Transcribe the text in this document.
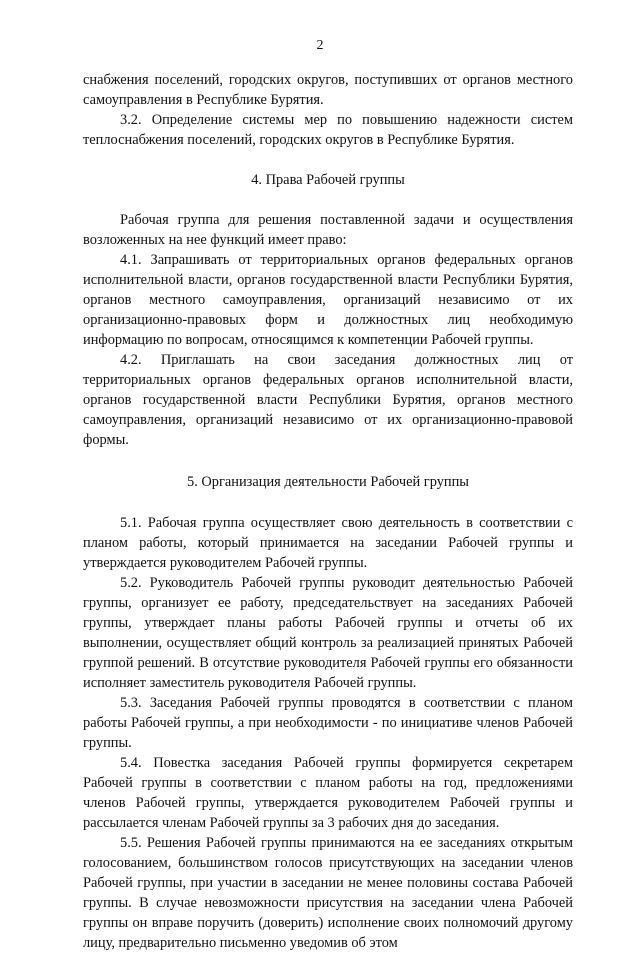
2

снабжения поселений, городских округов, поступивших от органов местного самоуправления в Республике Бурятия.

3.2. Определение системы мер по повышению надежности систем теплоснабжения поселений, городских округов в Республике Бурятия.

4. Права Рабочей группы

Рабочая группа для решения поставленной задачи и осуществления возложенных на нее функций имеет право:

4.1. Запрашивать от территориальных органов федеральных органов исполнительной власти, органов государственной власти Республики Бурятия, органов местного самоуправления, организаций независимо от их организационно-правовых форм и должностных лиц необходимую информацию по вопросам, относящимся к компетенции Рабочей группы.

4.2. Приглашать на свои заседания должностных лиц от территориальных органов федеральных органов исполнительной власти, органов государственной власти Республики Бурятия, органов местного самоуправления, организаций независимо от их организационно-правовой формы.

5. Организация деятельности Рабочей группы

5.1. Рабочая группа осуществляет свою деятельность в соответствии с планом работы, который принимается на заседании Рабочей группы и утверждается руководителем Рабочей группы.

5.2. Руководитель Рабочей группы руководит деятельностью Рабочей группы, организует ее работу, председательствует на заседаниях Рабочей группы, утверждает планы работы Рабочей группы и отчеты об их выполнении, осуществляет общий контроль за реализацией принятых Рабочей группой решений. В отсутствие руководителя Рабочей группы его обязанности исполняет заместитель руководителя Рабочей группы.

5.3. Заседания Рабочей группы проводятся в соответствии с планом работы Рабочей группы, а при необходимости - по инициативе членов Рабочей группы.

5.4. Повестка заседания Рабочей группы формируется секретарем Рабочей группы в соответствии с планом работы на год, предложениями членов Рабочей группы, утверждается руководителем Рабочей группы и рассылается членам Рабочей группы за 3 рабочих дня до заседания.

5.5. Решения Рабочей группы принимаются на ее заседаниях открытым голосованием, большинством голосов присутствующих на заседании членов Рабочей группы, при участии в заседании не менее половины состава Рабочей группы. В случае невозможности присутствия на заседании члена Рабочей группы он вправе поручить (доверить) исполнение своих полномочий другому лицу, предварительно письменно уведомив об этом
